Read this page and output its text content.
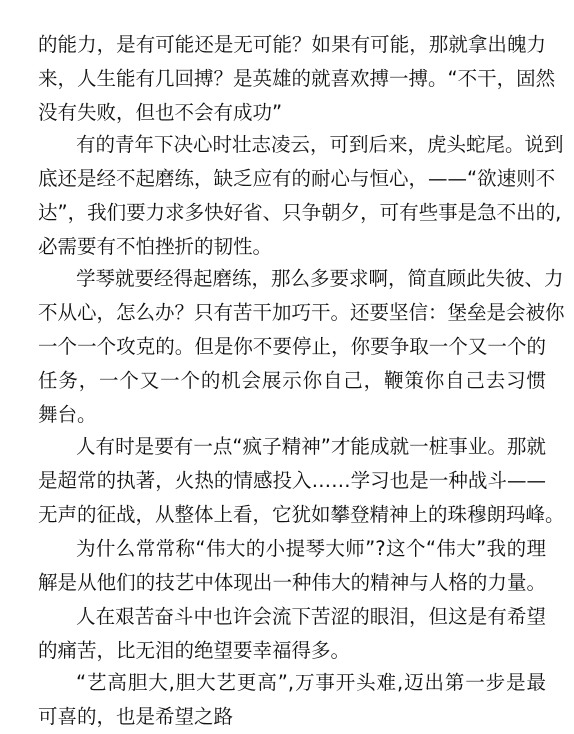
的能力，是有可能还是无可能？如果有可能，那就拿出魄力
来，人生能有几回搏？是英雄的就喜欢搏一搏。“不干，固然
没有失败，但也不会有成功”
有的青年下决心时壮志凌云，可到后来，虎头蛇尾。说到
底还是经不起磨练，缺乏应有的耐心与恒心，——“欲速则不
达”，我们要力求多快好省、只争朝夕，可有些事是急不出的,
必需要有不怕挫折的韧性。
学琴就要经得起磨练，那么多要求啊，简直顾此失彼、力
不从心，怎么办？只有苦干加巧干。还要坚信：堡垒是会被你
一个一个攻克的。但是你不要停止，你要争取一个又一个的
任务，一个又一个的机会展示你自己，鞭策你自己去习惯
舞台。
人有时是要有一点“疯子精神”才能成就一桩事业。那就
是超常的执著，火热的情感投入……学习也是一种战斗——
无声的征战，从整体上看，它犹如攀登精神上的珠穆朗玛峰。
为什么常常称“伟大的小提琴大师”?这个“伟大”我的理
解是从他们的技艺中体现出一种伟大的精神与人格的力量。
人在艰苦奋斗中也许会流下苦涩的眼泪，但这是有希望
的痛苦，比无泪的绝望要幸福得多。
“艺高胆大,胆大艺更高”,万事开头难,迈出第一步是最
可喜的，也是希望之路
